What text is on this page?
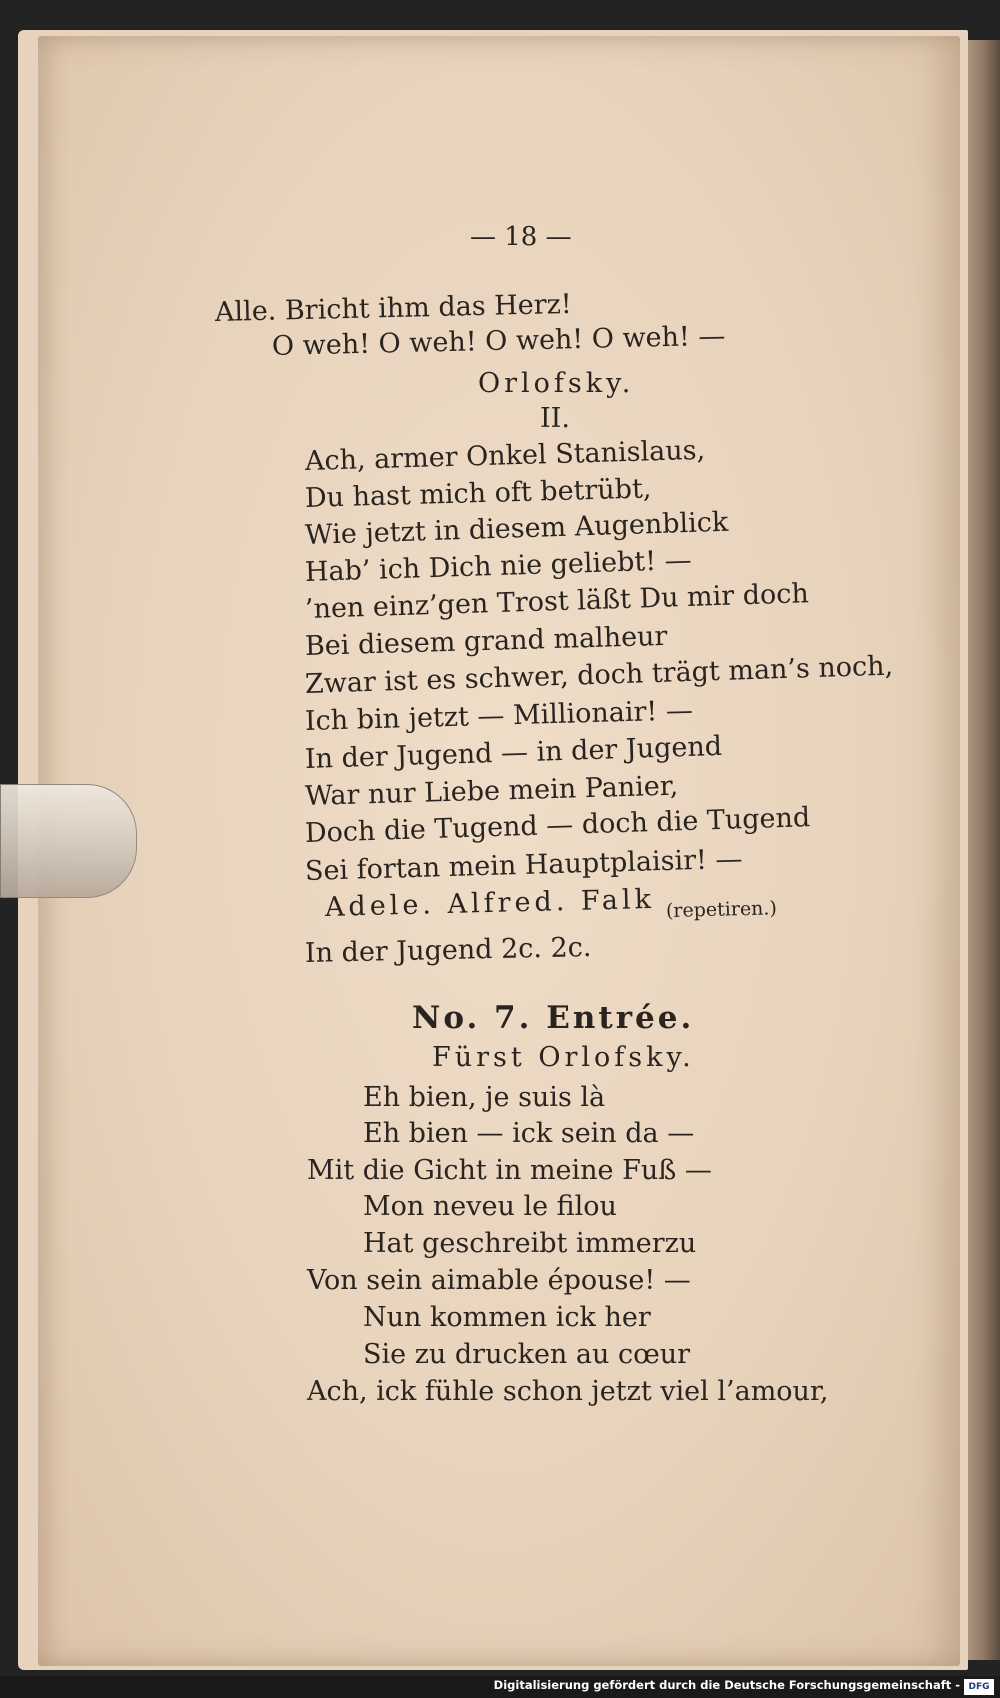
— 18 —
Alle. Bricht ihm das Herz!
O weh! O weh! O weh! O weh! —
Orlofsky.
II.
Ach, armer Onkel Stanislaus,
Du hast mich oft betrübt,
Wie jetzt in diesem Augenblick
Hab’ ich Dich nie geliebt! —
’nen einz’gen Trost läßt Du mir doch
Bei diesem grand malheur
Zwar ist es schwer, doch trägt man’s noch,
Ich bin jetzt — Millionair! —
In der Jugend — in der Jugend
War nur Liebe mein Panier,
Doch die Tugend — doch die Tugend
Sei fortan mein Hauptplaisir! —
Adele. Alfred. Falk (repetiren.)
In der Jugend 2c. 2c.
No. 7. Entrée.
Fürst Orlofsky.
Eh bien, je suis là
Eh bien — ick sein da —
Mit die Gicht in meine Fuß —
Mon neveu le filou
Hat geschreibt immerzu
Von sein aimable épouse! —
Nun kommen ick her
Sie zu drucken au cœur
Ach, ick fühle schon jetzt viel l’amour,
Digitalisierung gefördert durch die Deutsche Forschungsgemeinschaft - DFG
